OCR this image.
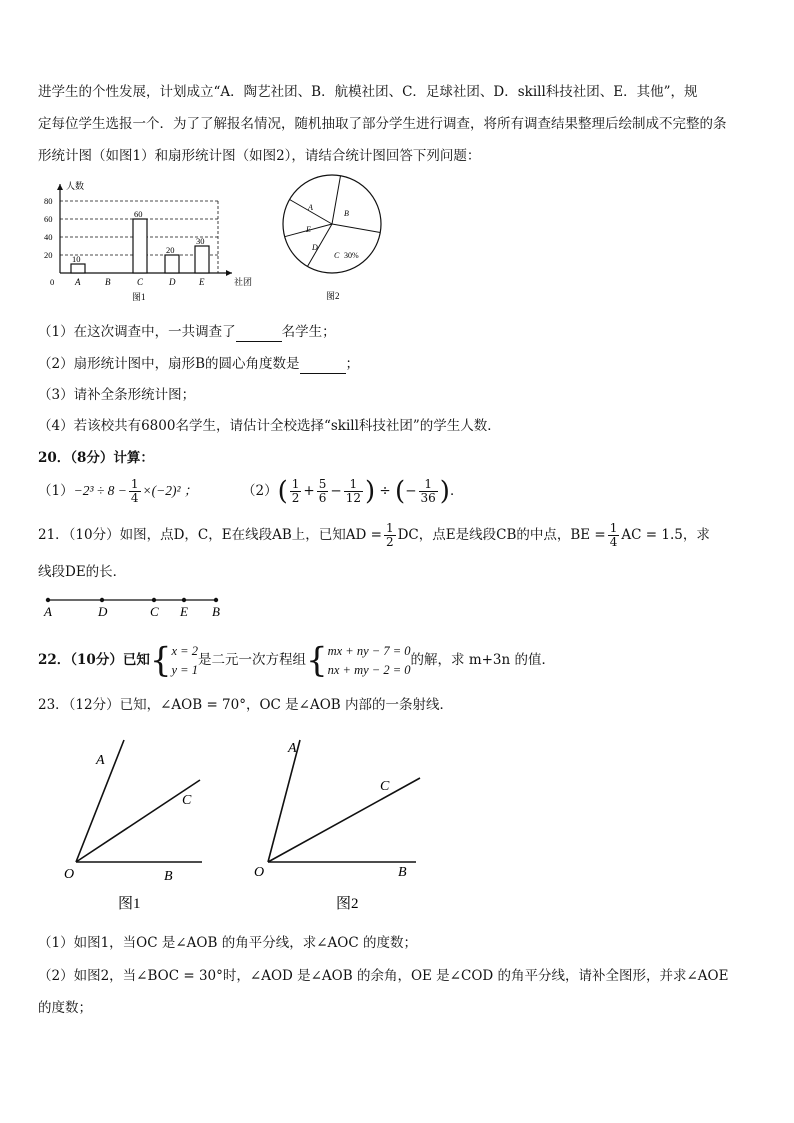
进学生的个性发展，计划成立“A．陶艺社团、B．航模社团、C．足球社团、D．skill科技社团、E．其他”，规
定每位学生选报一个．为了了解报名情况，随机抽取了部分学生进行调查，将所有调查结果整理后绘制成不完整的条
形统计图（如图1）和扇形统计图（如图2），请结合统计图回答下列问题：
人数
社团
0
20
40
60
80
A
10
B	C
60
D
20
E
30
图1
A
B
C 30%
D
E
图2
（1）在这次调查中，一共调查了	名学生；
（2）扇形统计图中，扇形B的圆心角度数是	；
（3）请补全条形统计图；
（4）若该校共有6800名学生，请估计全校选择“skill科技社团”的学生人数．
20．（8分）计算：
$(1)-2^3 \div 8 - \frac{1}{4} \times(-2)^2$ ；	$(2)( \frac{1}{2} + \frac{5}{6} - \frac{1}{12}$ ) ÷ (− $\frac{1}{36}$ )．
21．（10分）如图，点D，C，E在线段AB上，已知AD = $\frac{1}{2}$ DC，点E是线段CB的中点，BE = $\frac{1}{4}$ AC = 1.5，求
线段DE的长．
A	D	C E B
22．（10分）已知{ x = 2
y = 1
是二元一次方程组{ mx + ny − 7 = 0
nx + my − 2 = 0
的解，求 m+3n 的值．
23．（12分）已知，∠AOB = 70°，OC 是∠AOB 内部的一条射线．
A
C
O	B
图1
A
C
O	B
图2
（1）如图1，当OC 是∠AOB 的角平分线，求∠AOC 的度数；
（2）如图2，当∠BOC = 30°时，∠AOD 是∠AOB 的余角，OE 是∠COD 的角平分线，请补全图形，并求∠AOE
的度数；
